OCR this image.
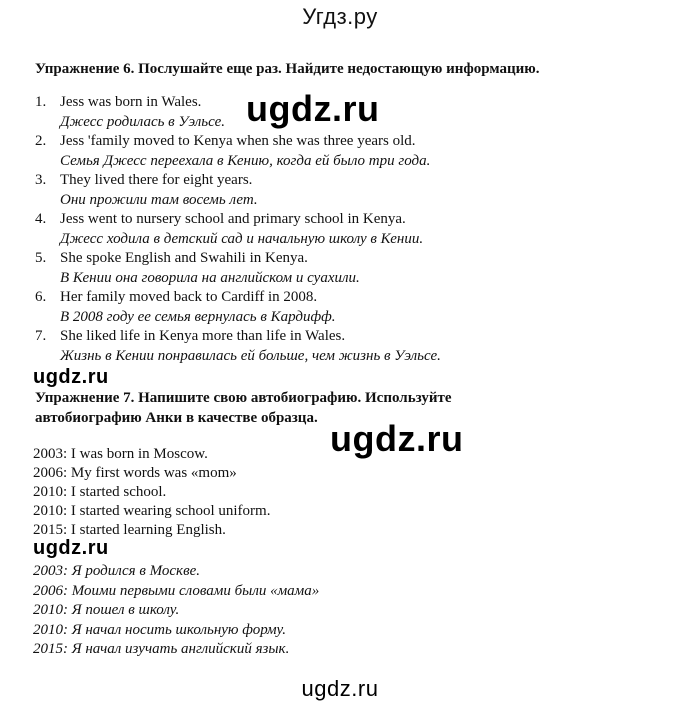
Угдз.ру
Упражнение 6. Послушайте еще раз. Найдите недостающую информацию.
1. Jess was born in Wales.
Джесс родилась в Уэльсе.
2. Jess 'family moved to Kenya when she was three years old.
Семья Джесс переехала в Кению, когда ей было три года.
3. They lived there for eight years.
Они прожили там восемь лет.
4. Jess went to nursery school and primary school in Kenya.
Джесс ходила в детский сад и начальную школу в Кении.
5. She spoke English and Swahili in Kenya.
В Кении она говорила на английском и суахили.
6. Her family moved back to Cardiff in 2008.
В 2008 году ее семья вернулась в Кардифф.
7. She liked life in Kenya more than life in Wales.
Жизнь в Кении понравилась ей больше, чем жизнь в Уэльсе.
Упражнение 7. Напишите свою автобиографию. Используйте
автобиографию Анки в качестве образца.
2003: I was born in Moscow.
2006: My first words was «mom»
2010: I started school.
2010: I started wearing school uniform.
2015: I started learning English.
2003: Я родился в Москве.
2006: Моими первыми словами были «мама»
2010: Я пошел в школу.
2010: Я начал носить школьную форму.
2015: Я начал изучать английский язык.
ugdz.ru
ugdz.ru
ugdz.ru
ugdz.ru
ugdz.ru
